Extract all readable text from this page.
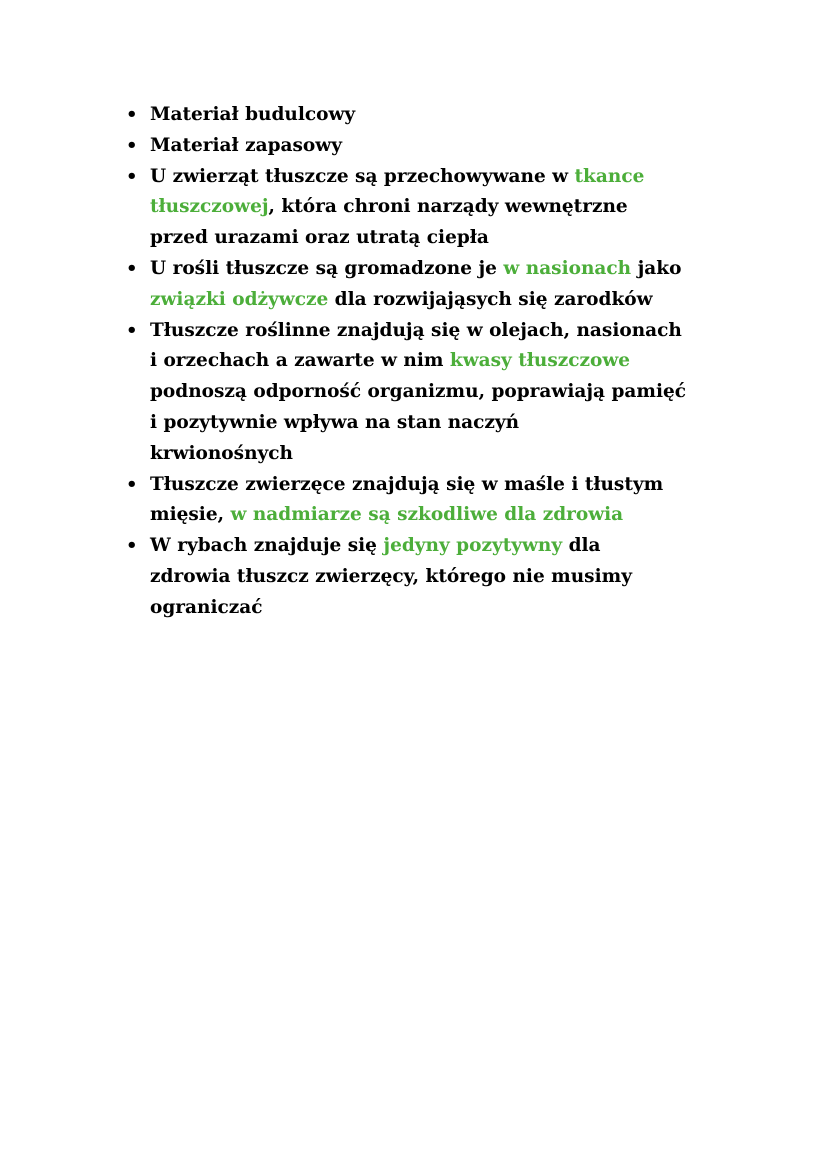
• Materiał budulcowy
• Materiał zapasowy
• U zwierząt tłuszcze są przechowywane w tkance
tłuszczowej, która chroni narządy wewnętrzne
przed urazami oraz utratą ciepła
• U rośli tłuszcze są gromadzone je w nasionach jako
związki odżywcze dla rozwijająsych się zarodków
• Tłuszcze roślinne znajdują się w olejach, nasionach
i orzechach a zawarte w nim kwasy tłuszczowe
podnoszą odporność organizmu, poprawiają pamięć
i pozytywnie wpływa na stan naczyń
krwionośnych
• Tłuszcze zwierzęce znajdują się w maśle i tłustym
mięsie, w nadmiarze są szkodliwe dla zdrowia
• W rybach znajduje się jedyny pozytywny dla
zdrowia tłuszcz zwierzęcy, którego nie musimy
ograniczać
